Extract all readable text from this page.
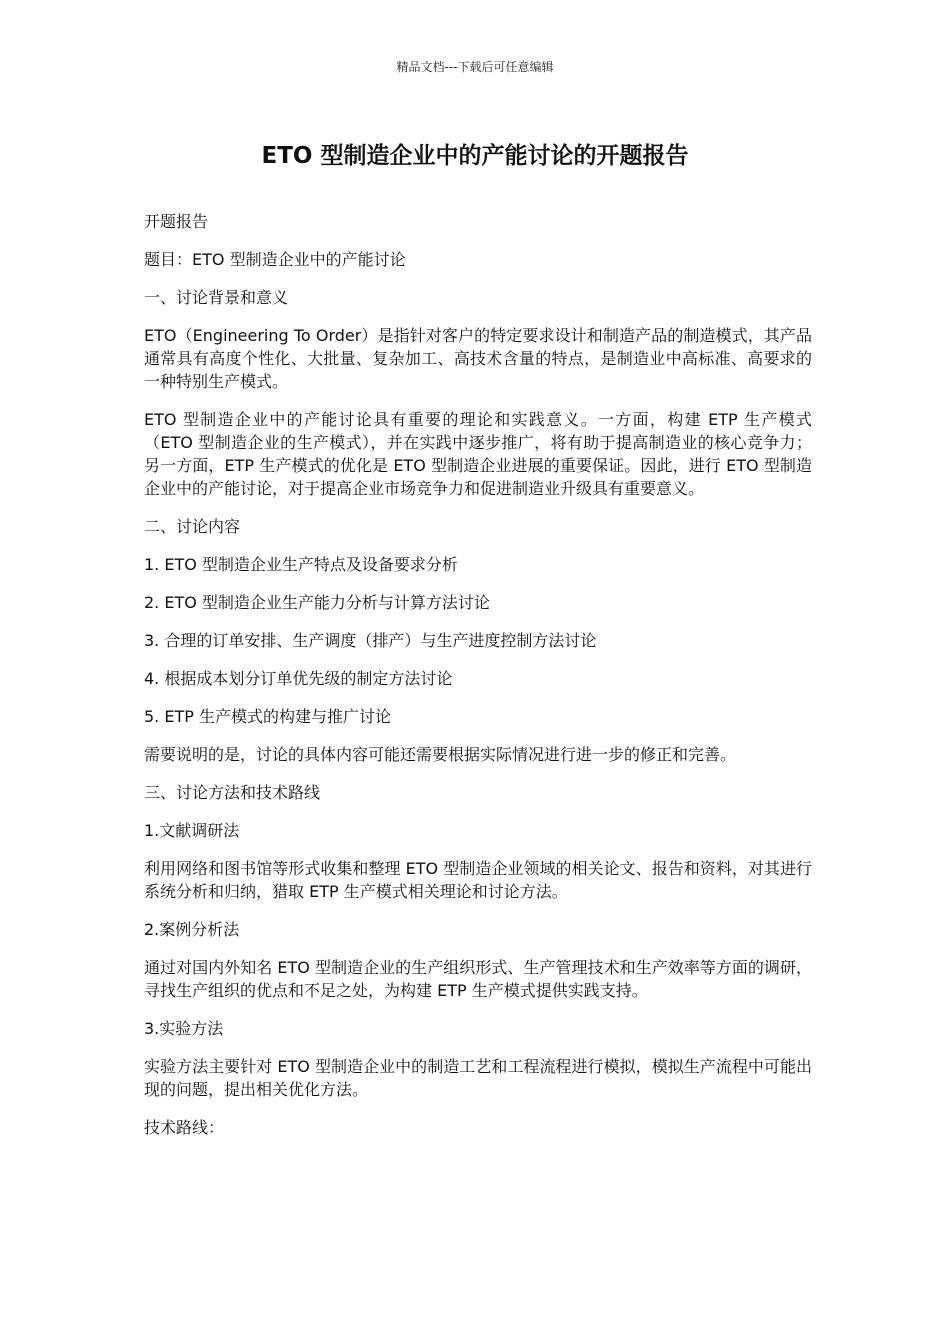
精品文档---下载后可任意编辑
ETO 型制造企业中的产能讨论的开题报告

开题报告

题目：ETO 型制造企业中的产能讨论

一、讨论背景和意义

ETO（Engineering To Order）是指针对客户的特定要求设计和制造产品的制造模式，其产品通常具有高度个性化、大批量、复杂加工、高技术含量的特点，是制造业中高标准、高要求的一种特别生产模式。

ETO 型制造企业中的产能讨论具有重要的理论和实践意义。一方面，构建 ETP 生产模式（ETO 型制造企业的生产模式），并在实践中逐步推广，将有助于提高制造业的核心竞争力；另一方面，ETP 生产模式的优化是 ETO 型制造企业进展的重要保证。因此，进行 ETO 型制造企业中的产能讨论，对于提高企业市场竞争力和促进制造业升级具有重要意义。

二、讨论内容

1. ETO 型制造企业生产特点及设备要求分析

2. ETO 型制造企业生产能力分析与计算方法讨论

3. 合理的订单安排、生产调度（排产）与生产进度控制方法讨论

4. 根据成本划分订单优先级的制定方法讨论

5. ETP 生产模式的构建与推广讨论

需要说明的是，讨论的具体内容可能还需要根据实际情况进行进一步的修正和完善。

三、讨论方法和技术路线

1.文献调研法

利用网络和图书馆等形式收集和整理 ETO 型制造企业领域的相关论文、报告和资料，对其进行系统分析和归纳，猎取 ETP 生产模式相关理论和讨论方法。

2.案例分析法

通过对国内外知名 ETO 型制造企业的生产组织形式、生产管理技术和生产效率等方面的调研，寻找生产组织的优点和不足之处，为构建 ETP 生产模式提供实践支持。

3.实验方法

实验方法主要针对 ETO 型制造企业中的制造工艺和工程流程进行模拟，模拟生产流程中可能出现的问题，提出相关优化方法。

技术路线：
